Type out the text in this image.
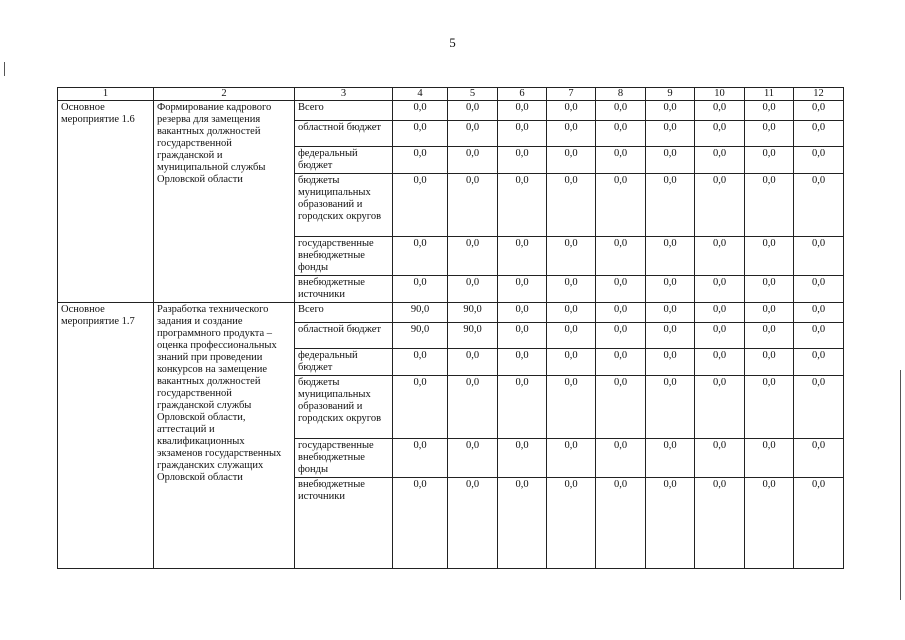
5
1	2	3	4	5	6	7	8	9	10	11	12
Основное мероприятие 1.6	Формирование кадрового резерва для замещения вакантных должностей государственной гражданской и муниципальной службы Орловской области	Всего	0,0	0,0	0,0	0,0	0,0	0,0	0,0	0,0	0,0
		областной бюджет	0,0	0,0	0,0	0,0	0,0	0,0	0,0	0,0	0,0
		федеральный бюджет	0,0	0,0	0,0	0,0	0,0	0,0	0,0	0,0	0,0
		бюджеты муниципальных образований и городских округов	0,0	0,0	0,0	0,0	0,0	0,0	0,0	0,0	0,0
		государственные внебюджетные фонды	0,0	0,0	0,0	0,0	0,0	0,0	0,0	0,0	0,0
		внебюджетные источники	0,0	0,0	0,0	0,0	0,0	0,0	0,0	0,0	0,0
Основное мероприятие 1.7	Разработка технического задания и создание программного продукта – оценка профессиональных знаний при проведении конкурсов на замещение вакантных должностей государственной гражданской службы Орловской области, аттестаций и квалификационных экзаменов государственных гражданских служащих Орловской области	Всего	90,0	90,0	0,0	0,0	0,0	0,0	0,0	0,0	0,0
		областной бюджет	90,0	90,0	0,0	0,0	0,0	0,0	0,0	0,0	0,0
		федеральный бюджет	0,0	0,0	0,0	0,0	0,0	0,0	0,0	0,0	0,0
		бюджеты муниципальных образований и городских округов	0,0	0,0	0,0	0,0	0,0	0,0	0,0	0,0	0,0
		государственные внебюджетные фонды	0,0	0,0	0,0	0,0	0,0	0,0	0,0	0,0	0,0
		внебюджетные источники	0,0	0,0	0,0	0,0	0,0	0,0	0,0	0,0	0,0
